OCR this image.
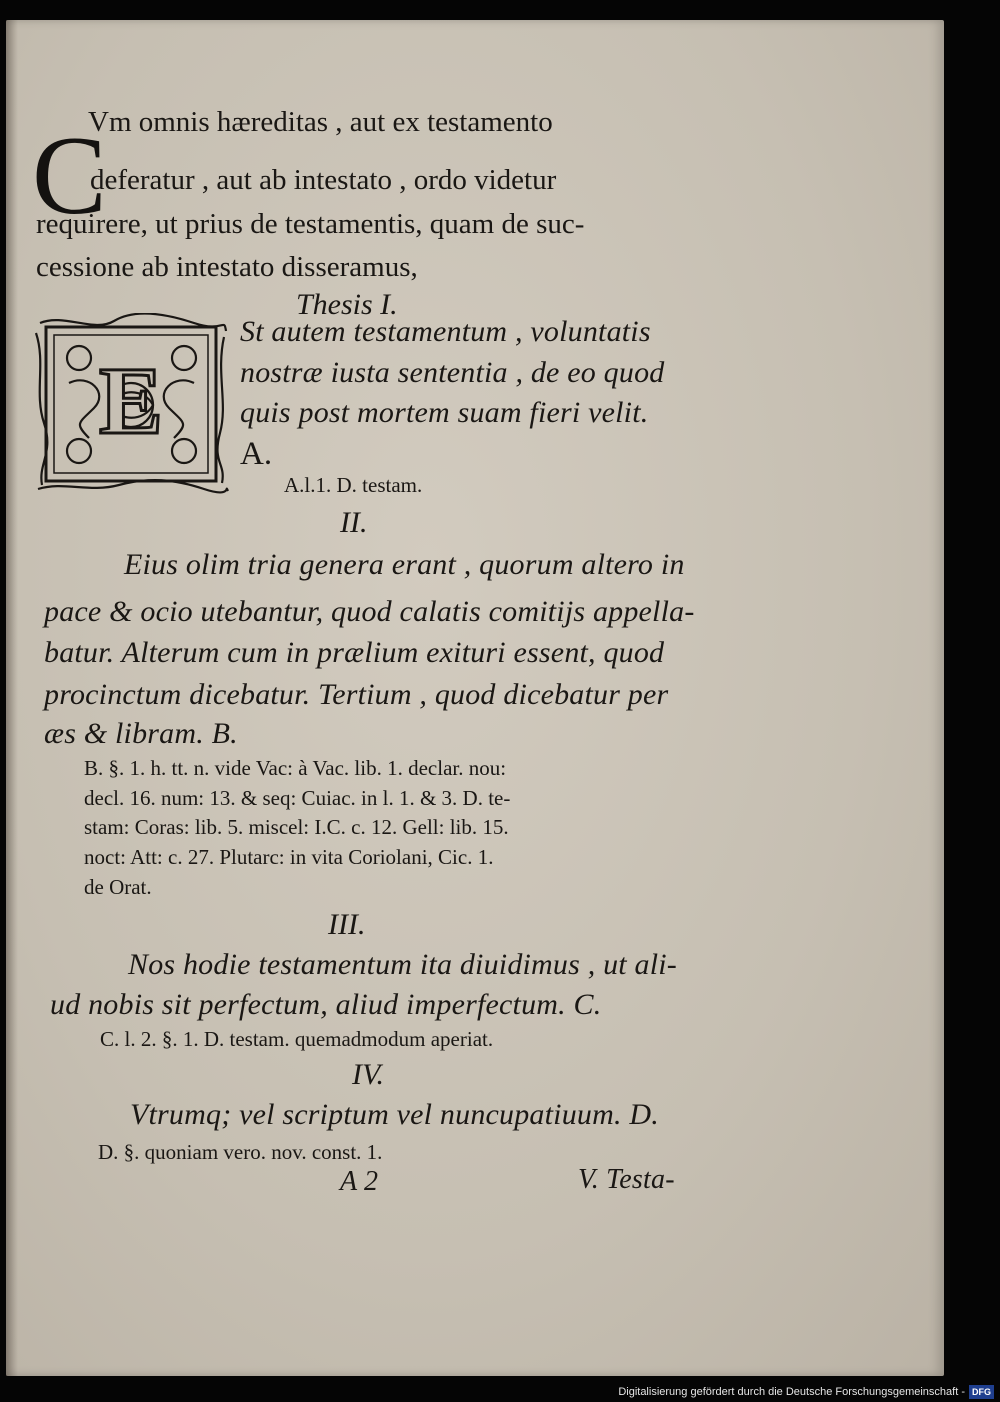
C
Vm omnis hæreditas , aut ex testamento
deferatur , aut ab intestato , ordo videtur
requirere, ut prius de testamentis, quam de suc-
cessione ab intestato disseramus,
Thesis I.
E
St autem testamentum , voluntatis
nostræ iusta sententia , de eo quod
quis post mortem suam fieri velit.
A.
A.l.1. D. testam.
II.
Eius olim tria genera erant , quorum altero in
pace & ocio utebantur, quod calatis comitijs appella-
batur. Alterum cum in prælium exituri essent, quod
procinctum dicebatur. Tertium , quod dicebatur per
æs & libram. B.
B. §. 1. h. tt. n. vide Vac: à Vac. lib. 1. declar. nou:
decl. 16. num: 13. & seq: Cuiac. in l. 1. & 3. D. te-
stam: Coras: lib. 5. miscel: I.C. c. 12. Gell: lib. 15.
noct: Att: c. 27. Plutarc: in vita Coriolani, Cic. 1.
de Orat.
III.
Nos hodie testamentum ita diuidimus , ut ali-
ud nobis sit perfectum, aliud imperfectum. C.
C. l. 2. §. 1. D. testam. quemadmodum aperiat.
IV.
Vtrumq; vel scriptum vel nuncupatiuum. D.
D. §. quoniam vero. nov. const. 1.
A 2	V. Testa-
Digitalisierung gefördert durch die Deutsche Forschungsgemeinschaft - DFG
